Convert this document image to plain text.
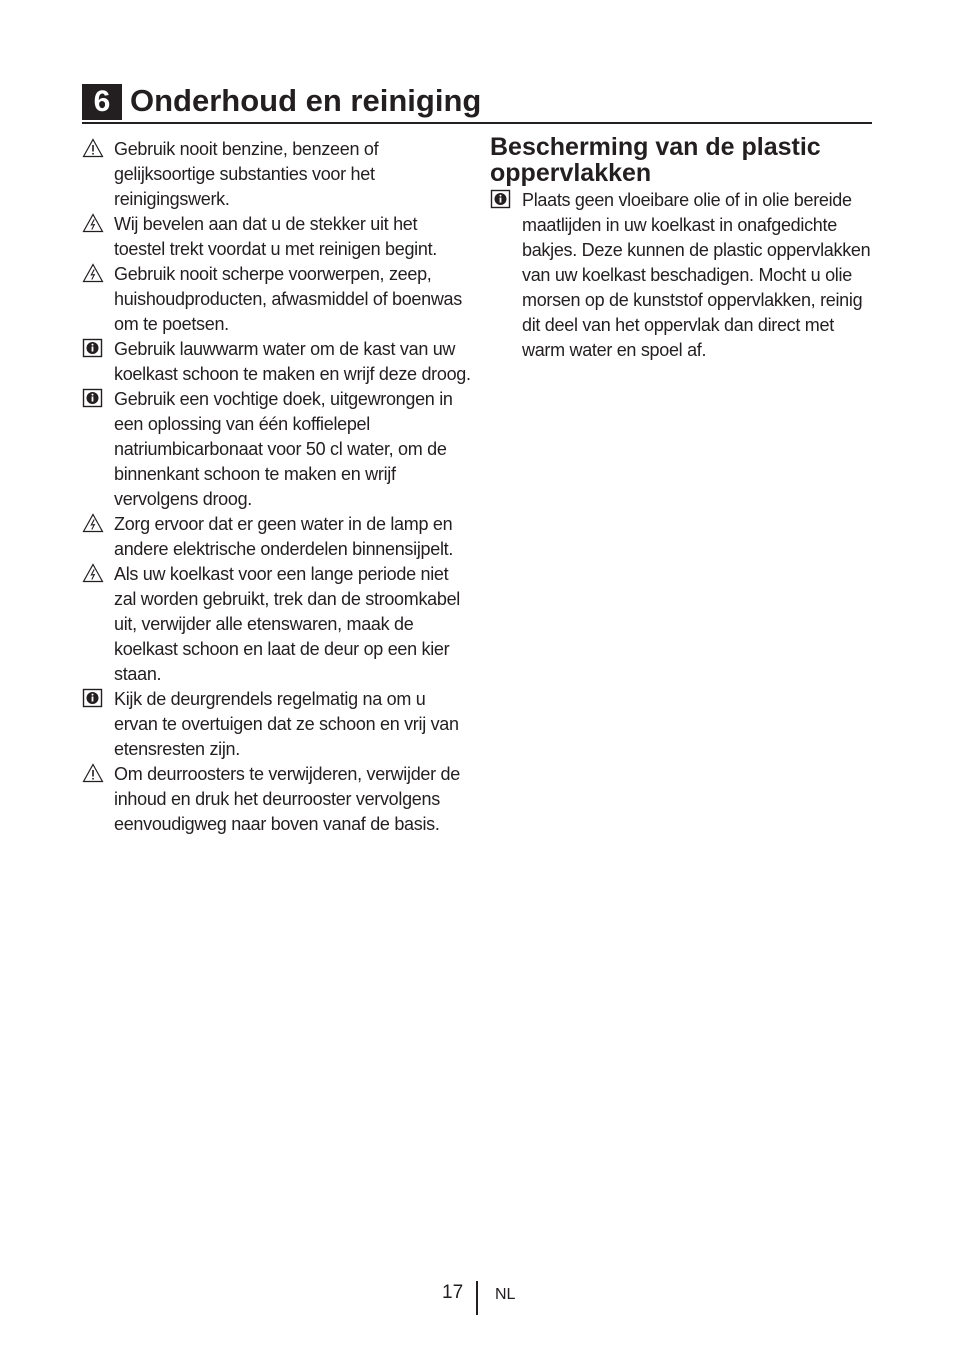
6 Onderhoud en reiniging
Gebruik nooit benzine, benzeen of gelijksoortige substanties voor het reinigingswerk.
Wij bevelen aan dat u de stekker uit het toestel trekt voordat u met reinigen begint.
Gebruik nooit scherpe voorwerpen, zeep, huishoudproducten, afwasmiddel of boenwas om te poetsen.
Gebruik lauwwarm water om de kast van uw koelkast schoon te maken en wrijf deze droog.
Gebruik een vochtige doek, uitgewrongen in een oplossing van één koffielepel natriumbicarbonaat voor 50 cl water, om de binnenkant schoon te maken en wrijf vervolgens droog.
Zorg ervoor dat er geen water in de lamp en andere elektrische onderdelen binnensijpelt.
Als uw koelkast voor een lange periode niet zal worden gebruikt, trek dan de stroomkabel uit, verwijder alle etenswaren, maak de koelkast schoon en laat de deur op een kier staan.
Kijk de deurgrendels regelmatig na om u ervan te overtuigen dat ze schoon en vrij van etensresten zijn.
Om deurroosters te verwijderen, verwijder de inhoud en druk het deurrooster vervolgens eenvoudigweg naar boven vanaf de basis.
Bescherming van de plastic oppervlakken
Plaats geen vloeibare olie of in olie bereide maatlijden in uw koelkast in onafgedichte bakjes. Deze kunnen de plastic oppervlakken van uw koelkast beschadigen. Mocht u olie morsen op de kunststof oppervlakken, reinig dit deel van het oppervlak dan direct met warm water en spoel af.
17 NL
